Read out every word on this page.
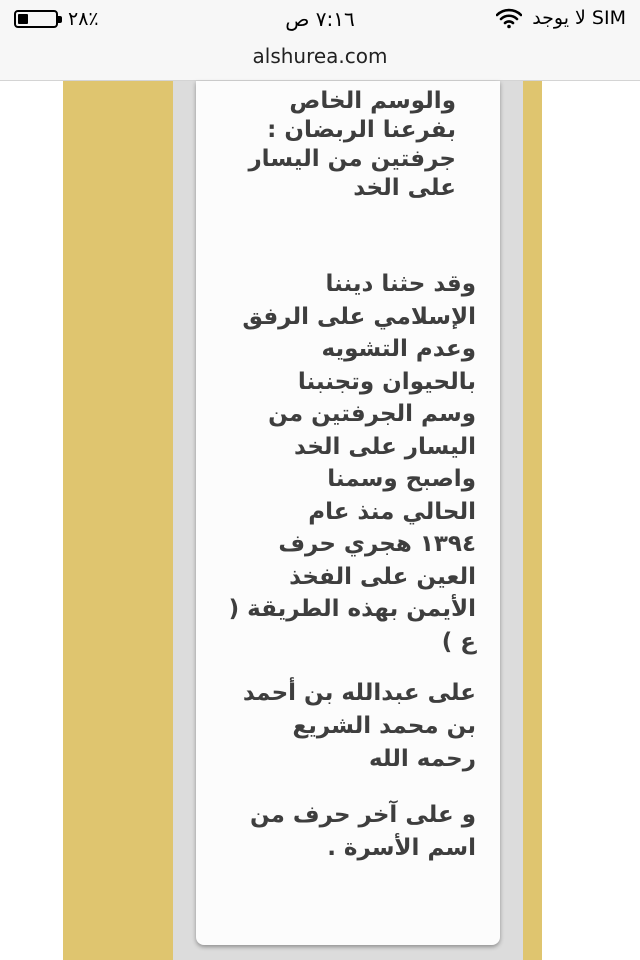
٢٨٪	٧:١٦ ص	لا يوجد SIM
alshurea.com

والوسم الخاص
بفرعنا الربضان :
جرفتين من اليسار
على الخد

وقد حثنا ديننا
الإسلامي على الرفق
وعدم التشويه
بالحيوان وتجنبنا
وسم الجرفتين من
اليسار على الخد
واصبح وسمنا
الحالي منذ عام
١٣٩٤ هجري حرف
العين على الفخذ
الأيمن بهذه الطريقة (
ع )

على عبدالله بن أحمد
بن محمد الشريع
رحمه الله

و على آخر حرف من
اسم الأسرة .
